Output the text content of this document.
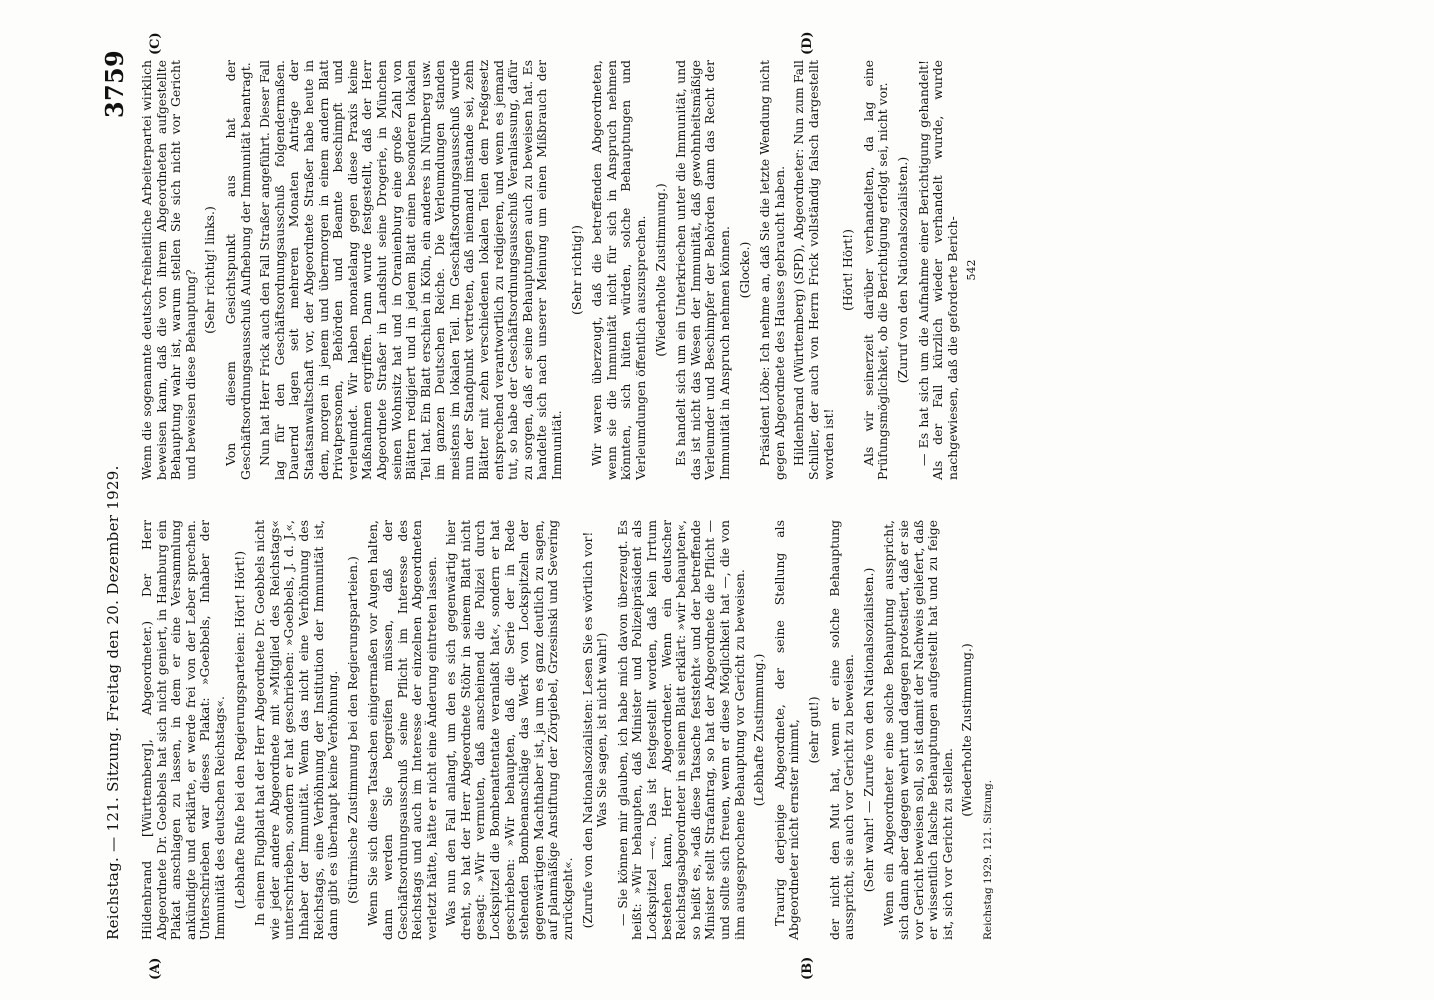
Reichstag. — 121. Sitzung. Freitag den 20. Dezember 1929.
3759
(A)	(B)
(C)	(D)

Hildenbrand [Württemberg], Abgeordneter.) Der Herr Abgeordnete Dr. Goebbels hat sich nicht geniert, in Hamburg ein Plakat anschlagen zu lassen, in dem er eine Versammlung ankündigte und erklärte, er werde frei von der Leber sprechen. Unterschrieben war dieses Plakat: »Goebbels, Inhaber der Immunität des deutschen Reichstags«. (Lebhafte Rufe bei den Regierungsparteien: Hört! Hört!) In einem Flugblatt hat der Herr Abgeordnete Dr. Goebbels nicht wie jeder andere Abgeordnete mit »Mitglied des Reichstags« unterschrieben, sondern er hat geschrieben: »Goebbels, J. d. J.«, Inhaber der Immunität. Wenn das nicht eine Verhöhnung des Reichstags, eine Verhöhnung der Institution der Immunität ist, dann gibt es überhaupt keine Verhöhnung. (Stürmische Zustimmung bei den Regierungsparteien.) Wenn Sie sich diese Tatsachen einigermaßen vor Augen halten, dann werden Sie begreifen müssen, daß der Geschäftsordnungsausschuß seine Pflicht im Interesse des Reichstags und auch im Interesse der einzelnen Abgeordneten verletzt hätte, hätte er nicht eine Änderung eintreten lassen. Was nun den Fall anlangt, um den es sich gegenwärtig hier dreht, so hat der Herr Abgeordnete Stöhr in seinem Blatt nicht gesagt: »Wir vermuten, daß anscheinend die Polizei durch Lockspitzel die Bombenattentate veranlaßt hat«, sondern er hat geschrieben: »Wir behaupten, daß die Serie der in Rede stehenden Bombenanschläge das Werk von Lockspitzeln der gegenwärtigen Machthaber ist, ja um es ganz deutlich zu sagen, auf planmäßige Anstiftung der Zörgiebel, Grzesinski und Severing zurückgeht«. (Zurufe von den Nationalsozialisten: Lesen Sie es wörtlich vor! Was Sie sagen, ist nicht wahr!) — Sie können mir glauben, ich habe mich davon überzeugt. Es heißt: »Wir behaupten, daß Minister und Polizeipräsident als Lockspitzel —«. Das ist festgestellt worden, daß kein Irrtum bestehen kann, Herr Abgeordneter. Wenn ein deutscher Reichstagsabgeordneter in seinem Blatt erklärt: »wir behaupten«, so heißt es, »daß diese Tatsache feststeht« und der betreffende Minister stellt Strafantrag, so hat der Abgeordnete die Pflicht — und sollte sich freuen, wenn er diese Möglichkeit hat —, die von ihm ausgesprochene Behauptung vor Gericht zu beweisen. (Lebhafte Zustimmung.) Traurig derjenige Abgeordnete, der seine Stellung als Abgeordneter nicht ernster nimmt, (sehr gut!) der nicht den Mut hat, wenn er eine solche Behauptung ausspricht, sie auch vor Gericht zu beweisen. (Sehr wahr! — Zurufe von den Nationalsozialisten.) Wenn ein Abgeordneter eine solche Behauptung ausspricht, sich dann aber dagegen wehrt und dagegen protestiert, daß er sie vor Gericht beweisen soll, so ist damit der Nachweis geliefert, daß er wissentlich falsche Behauptungen aufgestellt hat und zu feige ist, sich vor Gericht zu stellen.

(Wiederholte Zustimmung.)

Reichstag 1929. 121. Sitzung.

Wenn die sogenannte deutsch-freiheitliche Arbeiterpartei wirklich beweisen kann, daß die von ihrem Abgeordneten aufgestellte Behauptung wahr ist, warum stellen Sie sich nicht vor Gericht und beweisen diese Behauptung? (Sehr richtig! links.) Von diesem Gesichtspunkt aus hat der Geschäftsordnungsausschuß Aufhebung der Immunität beantragt. Nun hat Herr Frick auch den Fall Straßer angeführt. Dieser Fall lag für den Geschäftsordnungsausschuß folgendermaßen. Dauernd lagen seit mehreren Monaten Anträge der Staatsanwaltschaft vor, der Abgeordnete Straßer habe heute in dem, morgen in jenem und übermorgen in einem andern Blatt Privatpersonen, Behörden und Beamte beschimpft und verleumdet. Wir haben monatelang gegen diese Praxis keine Maßnahmen ergriffen. Dann wurde festgestellt, daß der Herr Abgeordnete Straßer in Landshut seine Drogerie, in München seinen Wohnsitz hat und in Oranienburg eine große Zahl von Blättern redigiert und in jedem Blatt einen besonderen lokalen Teil hat. Ein Blatt erschien in Köln, ein anderes in Nürnberg usw. im ganzen Deutschen Reiche. Die Verleumdungen standen meistens im lokalen Teil. Im Geschäftsordnungsausschuß wurde nun der Standpunkt vertreten, daß niemand imstande sei, zehn Blätter mit zehn verschiedenen lokalen Teilen dem Preßgesetz entsprechend verantwortlich zu redigieren, und wenn es jemand tut, so habe der Geschäftsordnungsausschuß Veranlassung, dafür zu sorgen, daß er seine Behauptungen auch zu beweisen hat. Es handelte sich nach unserer Meinung um einen Mißbrauch der Immunität.

(Sehr richtig!) Wir waren überzeugt, daß die betreffenden Abgeordneten, wenn sie die Immunität nicht für sich in Anspruch nehmen könnten, sich hüten würden, solche Behauptungen und Verleumdungen öffentlich auszusprechen. (Wiederholte Zustimmung.) Es handelt sich um ein Unterkriechen unter die Immunität, und das ist nicht das Wesen der Immunität, daß gewohnheitsmäßige Verleumder und Beschimpfer der Behörden dann das Recht der Immunität in Anspruch nehmen können. (Glocke.) Präsident Löbe: Ich nehme an, daß Sie die letzte Wendung nicht gegen Abgeordnete des Hauses gebraucht haben. Hildenbrand (Württemberg) (SPD), Abgeordneter: Nun zum Fall Schiller, der auch von Herrn Frick vollständig falsch dargestellt worden ist!

(Hört! Hört!) Als wir seinerzeit darüber verhandelten, da lag eine Prüfungsmöglichkeit, ob die Berichtigung erfolgt sei, nicht vor. (Zuruf von den Nationalsozialisten.) — Es hat sich um die Aufnahme einer Berichtigung gehandelt! Als der Fall kürzlich wieder verhandelt wurde, wurde nachgewiesen, daß die geforderte Berich- 542
